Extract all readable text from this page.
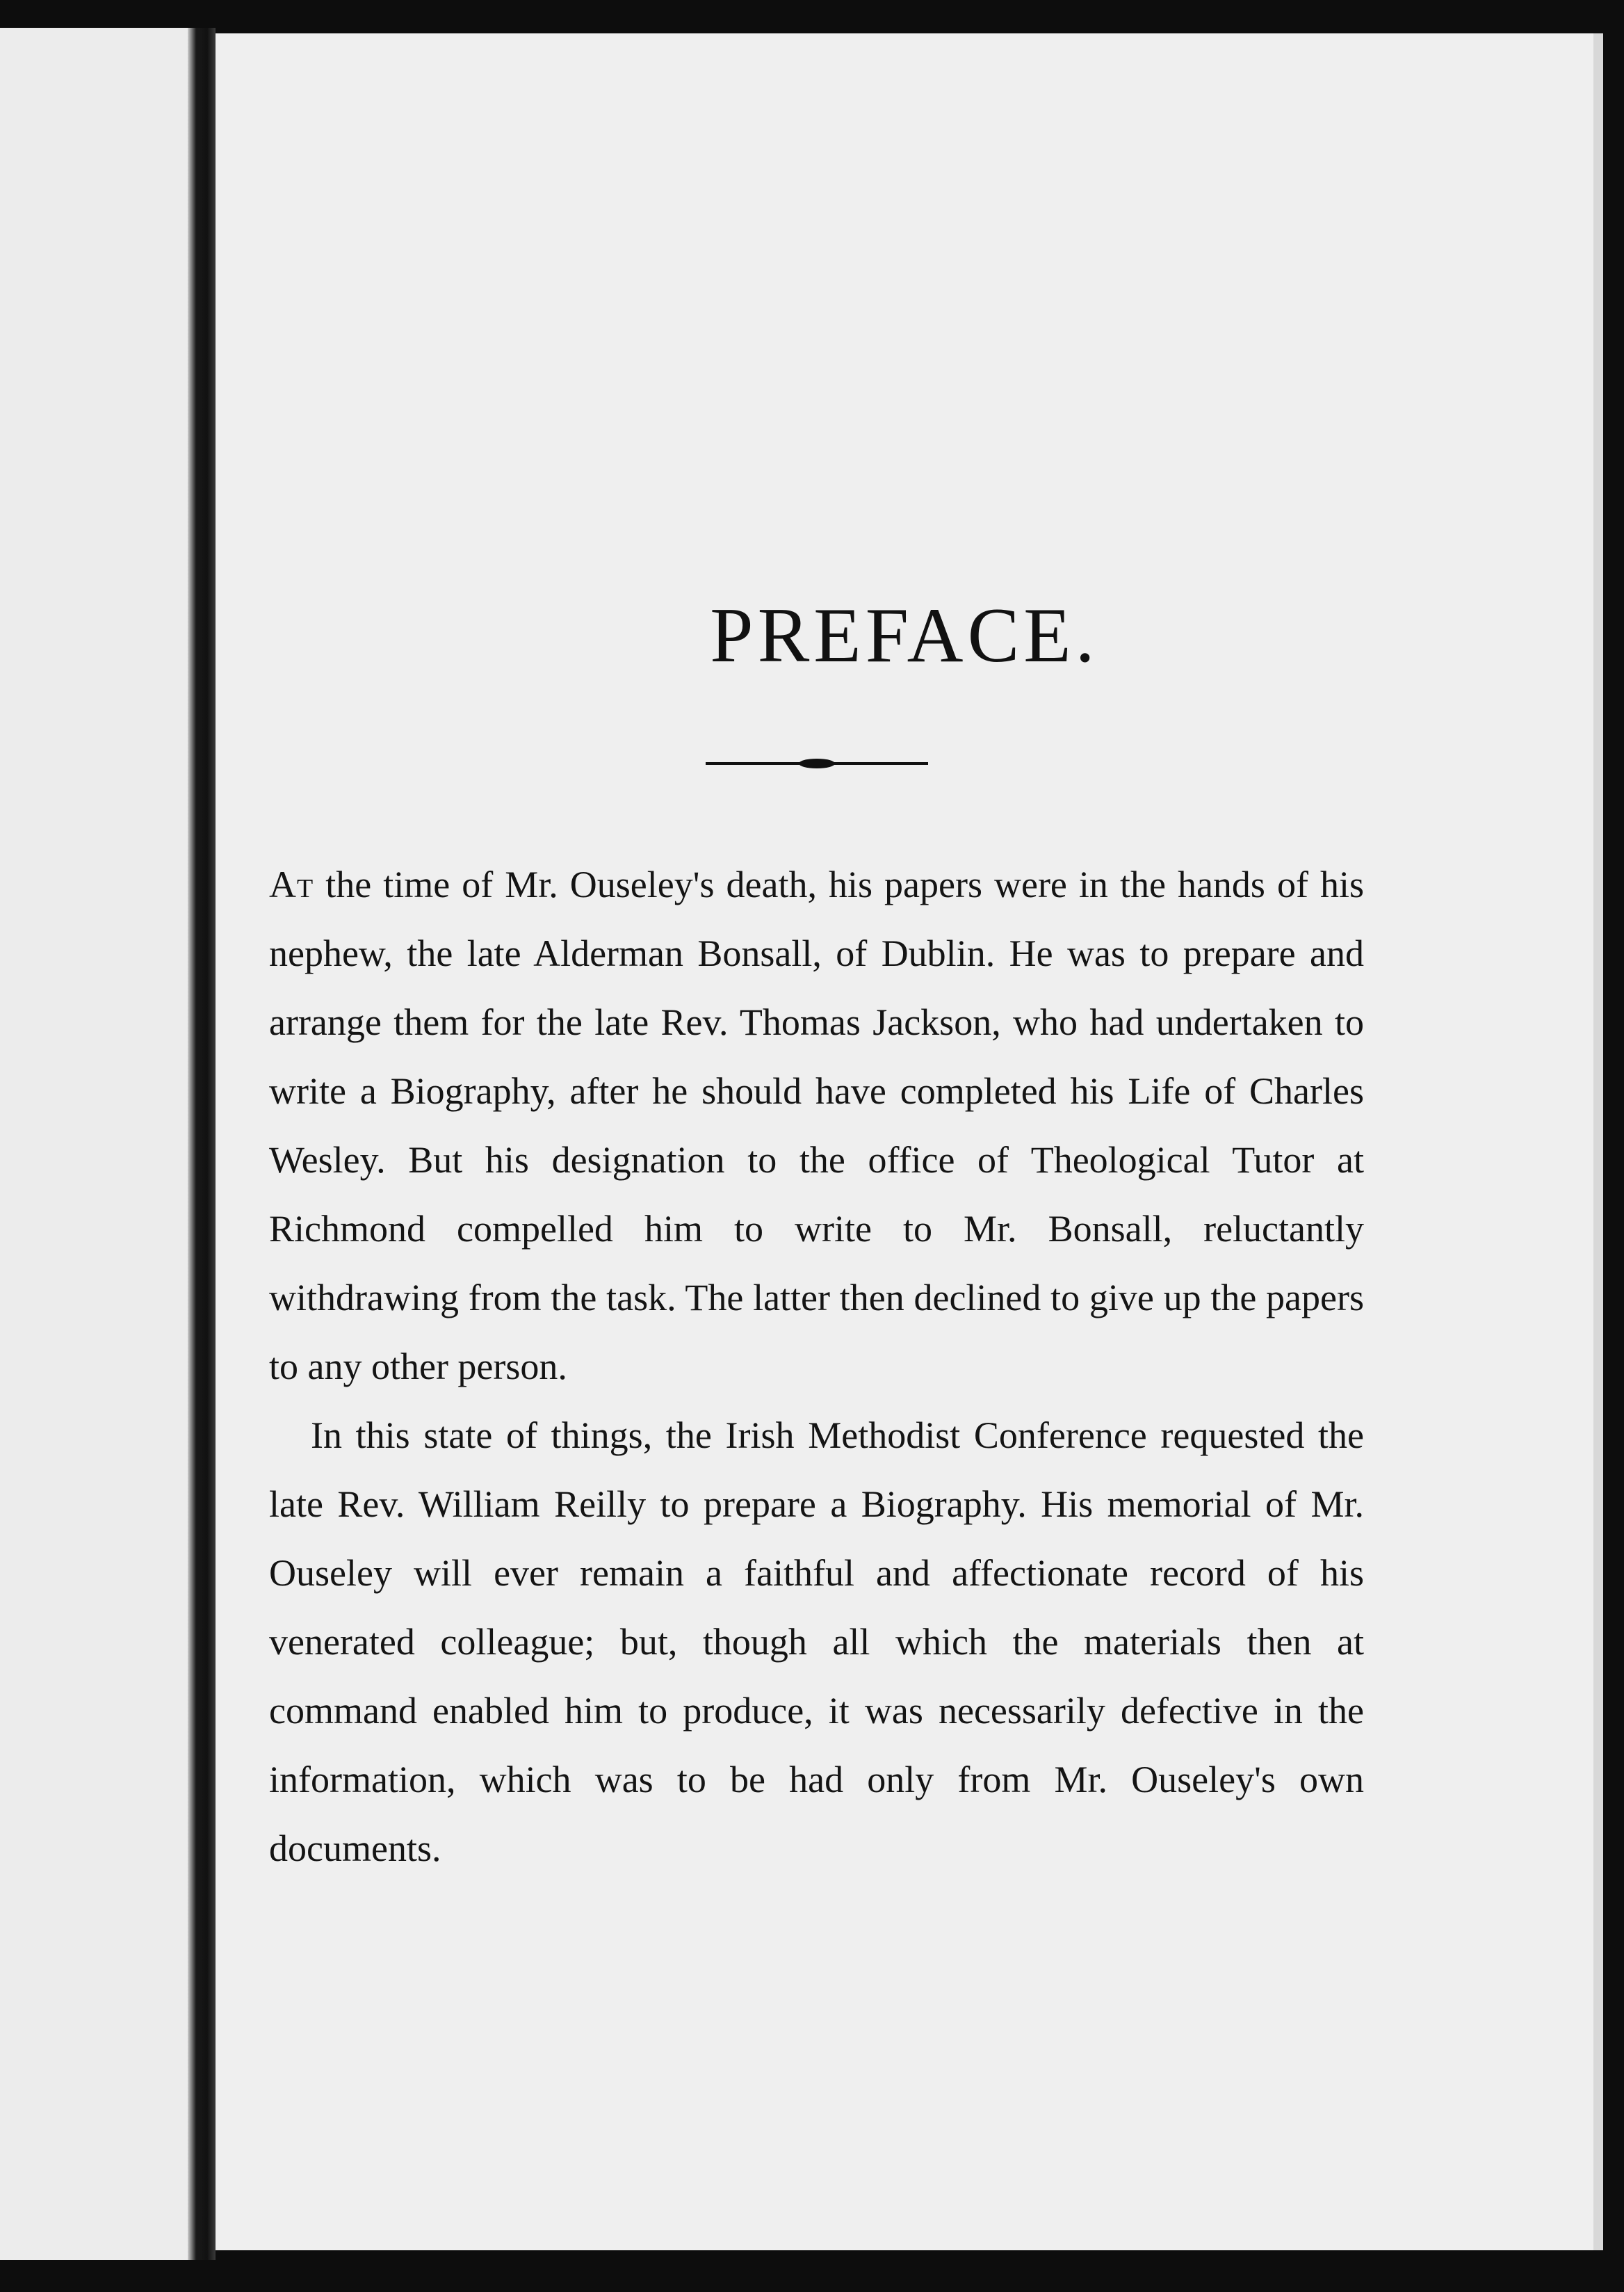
PREFACE.

At the time of Mr. Ouseley's death, his papers were in the hands of his nephew, the late Alderman Bonsall, of Dublin. He was to prepare and arrange them for the late Rev. Thomas Jackson, who had undertaken to write a Biography, after he should have completed his Life of Charles Wesley. But his designation to the office of Theological Tutor at Richmond compelled him to write to Mr. Bonsall, reluctantly withdrawing from the task. The latter then declined to give up the papers to any other person.

In this state of things, the Irish Methodist Conference requested the late Rev. William Reilly to prepare a Biography. His memorial of Mr. Ouseley will ever remain a faithful and affectionate record of his venerated colleague; but, though all which the materials then at command enabled him to produce, it was necessarily defective in the information, which was to be had only from Mr. Ouseley's own documents.
